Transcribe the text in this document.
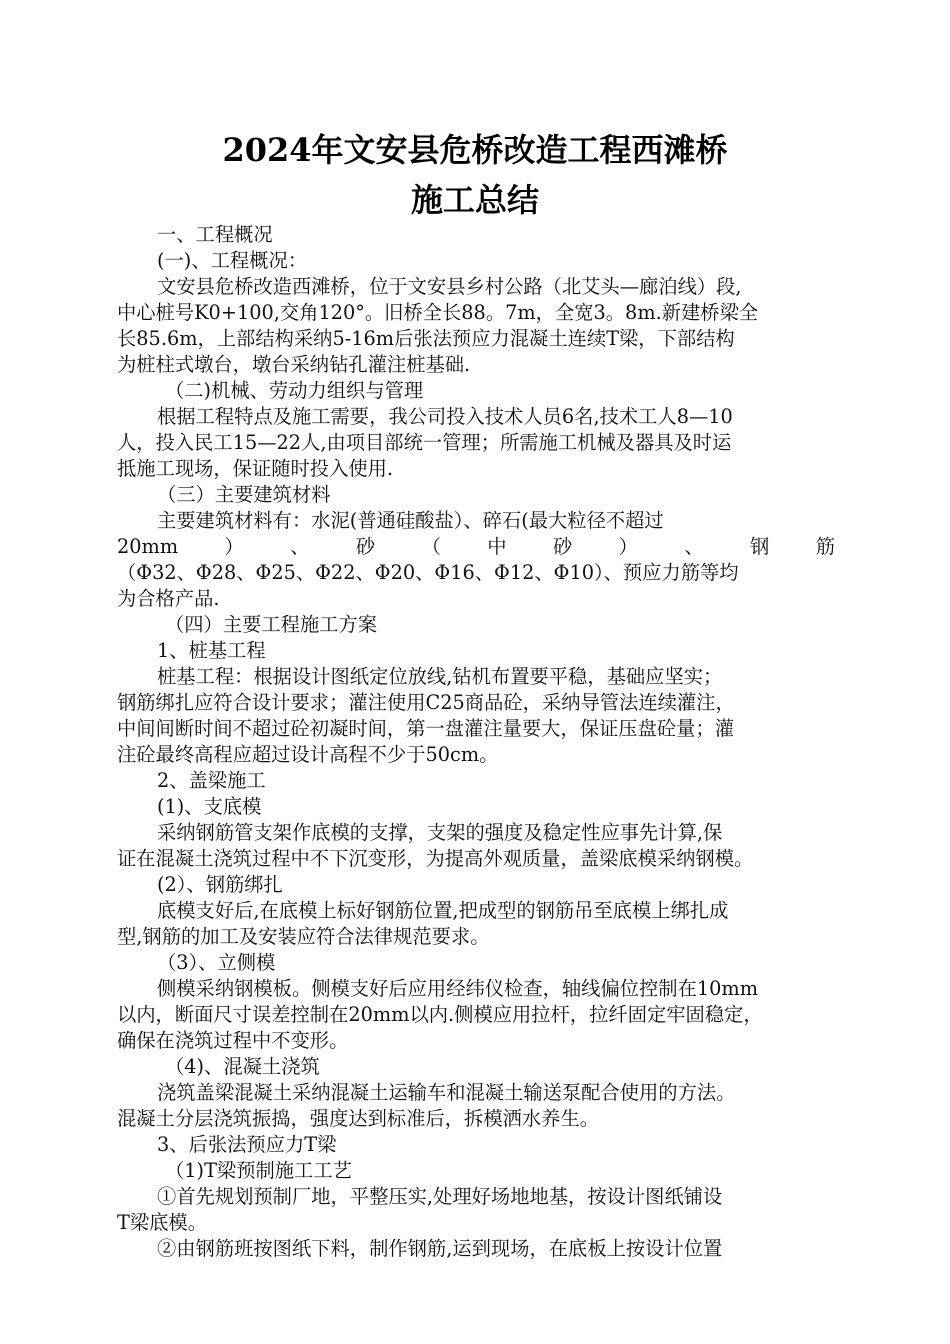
2024年文安县危桥改造工程西滩桥
施工总结

一、工程概况

(一)、工程概况：

文安县危桥改造西滩桥，位于文安县乡村公路（北艾头—廊泊线）段,

中心桩号K0+100,交角120°。旧桥全长88。7m，全宽3。8m.新建桥梁全

长85.6m，上部结构采纳5-16m后张法预应力混凝土连续T梁，下部结构

为桩柱式墩台，墩台采纳钻孔灌注桩基础.

（二)机械、劳动力组织与管理

根据工程特点及施工需要，我公司投入技术人员6名,技术工人8—10

人，投入民工15—22人,由项目部统一管理；所需施工机械及器具及时运

抵施工现场，保证随时投入使用.

（三）主要建筑材料

主要建筑材料有：水泥(普通硅酸盐）、碎石(最大粒径不超过

20mm ） 、 砂 （ 中 砂 ） 、 钢 筋

（Φ32、Φ28、Φ25、Φ22、Φ20、Φ16、Φ12、Φ10）、预应力筋等均

为合格产品.

（四）主要工程施工方案

1、桩基工程

桩基工程：根据设计图纸定位放线,钻机布置要平稳，基础应坚实；

钢筋绑扎应符合设计要求；灌注使用C25商品砼，采纳导管法连续灌注，

中间间断时间不超过砼初凝时间，第一盘灌注量要大，保证压盘砼量；灌

注砼最终高程应超过设计高程不少于50cm。

2、盖梁施工

(1)、支底模

采纳钢筋管支架作底模的支撑，支架的强度及稳定性应事先计算,保

证在混凝土浇筑过程中不下沉变形，为提高外观质量，盖梁底模采纳钢模。

(2）、钢筋绑扎

底模支好后,在底模上标好钢筋位置,把成型的钢筋吊至底模上绑扎成

型,钢筋的加工及安装应符合法律规范要求。

（3）、立侧模

侧模采纳钢模板。侧模支好后应用经纬仪检查，轴线偏位控制在10mm

以内，断面尺寸误差控制在20mm以内.侧模应用拉杆，拉纤固定牢固稳定，

确保在浇筑过程中不变形。

（4)、混凝土浇筑

浇筑盖梁混凝土采纳混凝土运输车和混凝土输送泵配合使用的方法。

混凝土分层浇筑振捣，强度达到标准后，拆模洒水养生。

3、后张法预应力T梁

（1)T梁预制施工工艺

①首先规划预制厂地，平整压实,处理好场地地基，按设计图纸铺设

T梁底模。

②由钢筋班按图纸下料，制作钢筋,运到现场，在底板上按设计位置
